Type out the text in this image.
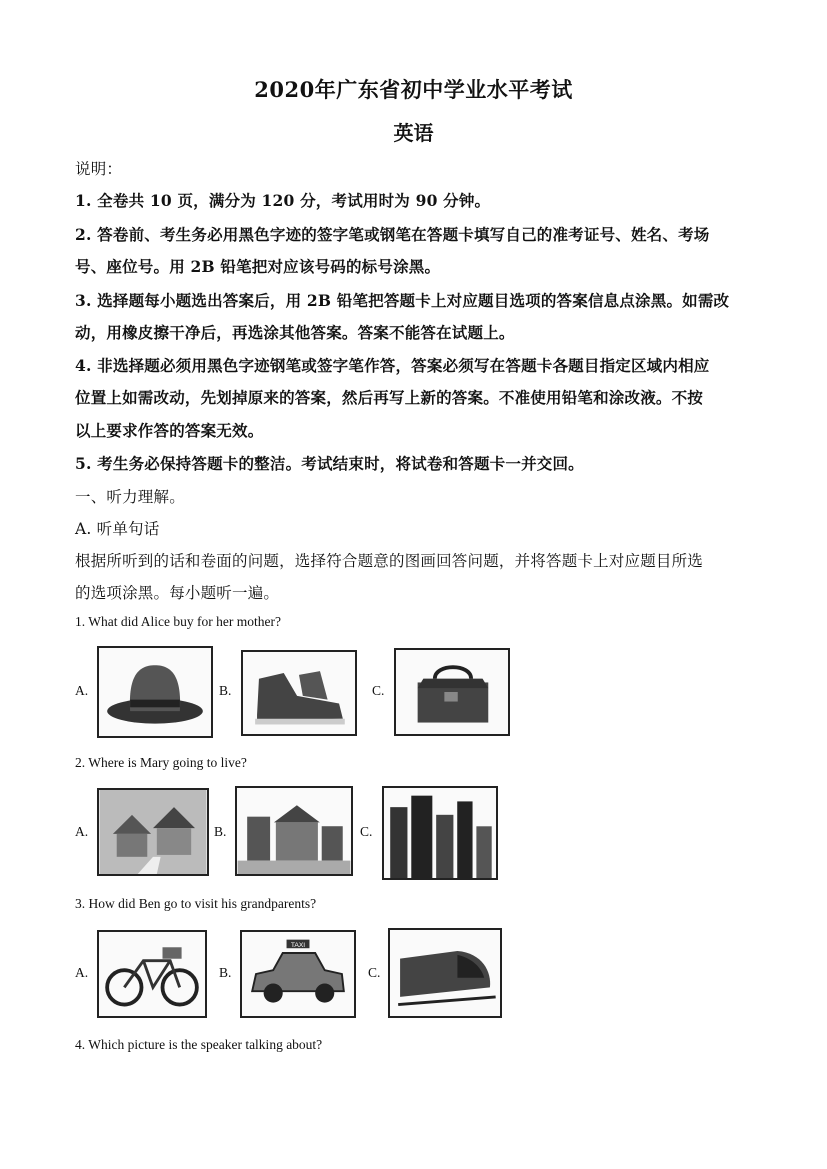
2020年广东省初中学业水平考试
英语
说明：
1. 全卷共 10 页，满分为 120 分，考试用时为 90 分钟。
2. 答卷前、考生务必用黑色字迹的签字笔或钢笔在答题卡填写自己的准考证号、姓名、考场
号、座位号。用 2B 铅笔把对应该号码的标号涂黑。
3. 选择题每小题选出答案后，用 2B 铅笔把答题卡上对应题目选项的答案信息点涂黑。如需改
动，用橡皮擦干净后，再选涂其他答案。答案不能答在试题上。
4. 非选择题必须用黑色字迹钢笔或签字笔作答，答案必须写在答题卡各题目指定区域内相应
位置上如需改动，先划掉原来的答案，然后再写上新的答案。不准使用铅笔和涂改液。不按
以上要求作答的答案无效。
5. 考生务必保持答题卡的整洁。考试结束时，将试卷和答题卡一并交回。
一、听力理解。
A. 听单句话
根据所听到的话和卷面的问题，选择符合题意的图画回答问题，并将答题卡上对应题目所选
的选项涂黑。每小题听一遍。
1. What did Alice buy for her mother?
A.	B.	C.
2. Where is Mary going to live?
A.	B.	C.
3. How did Ben go to visit his grandparents?
A.	B.
TAXI
C.
4. Which picture is the speaker talking about?
